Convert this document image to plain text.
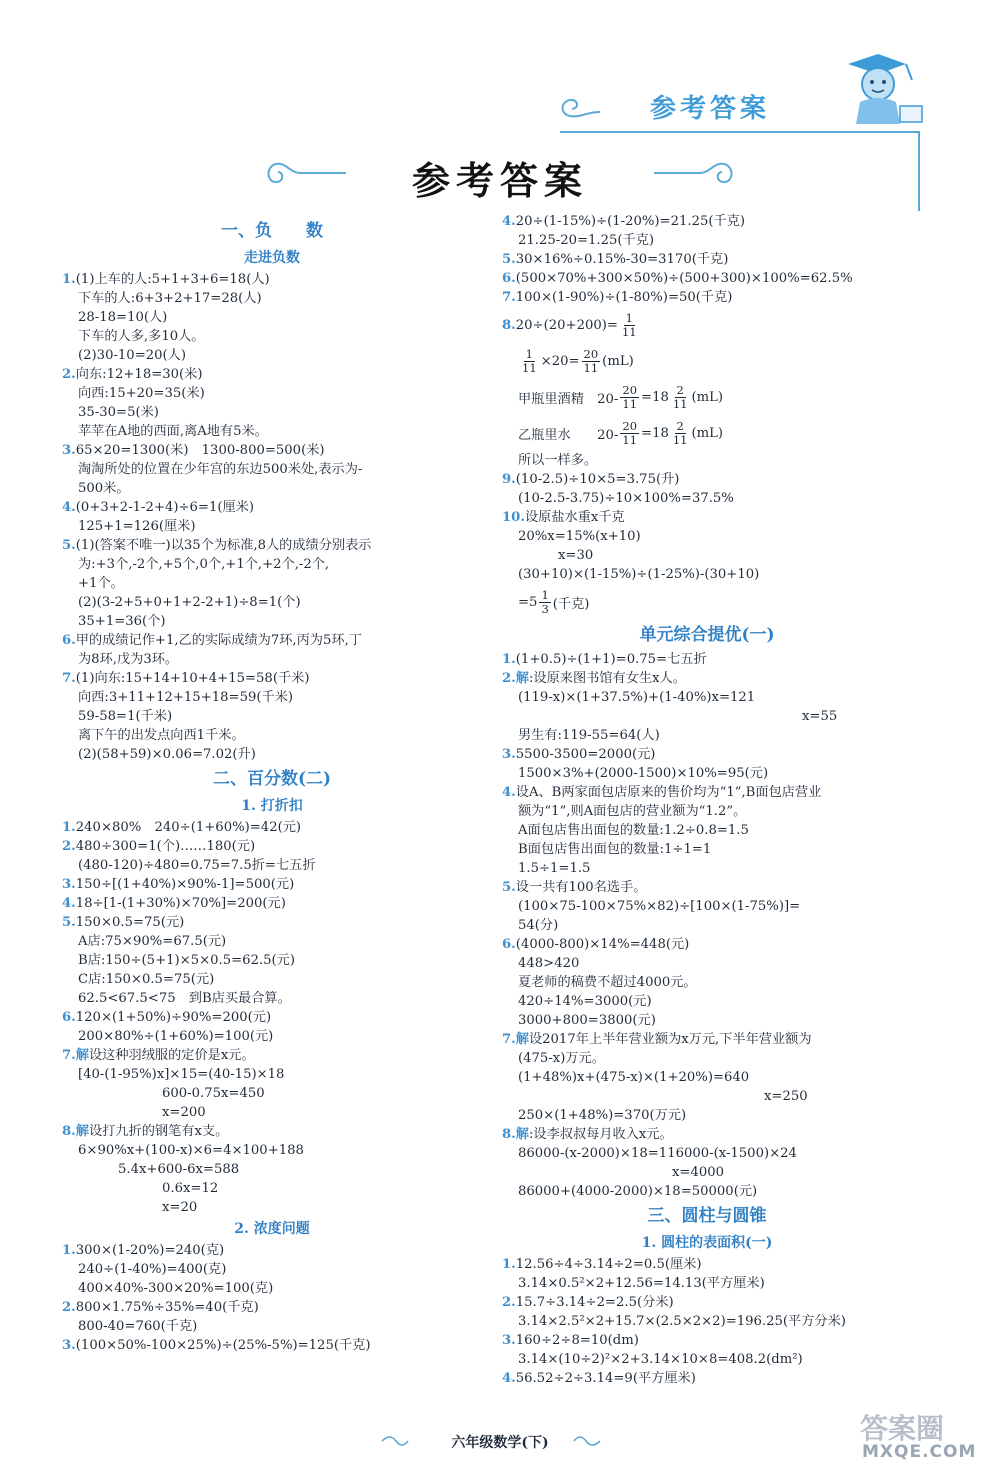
参考答案
参考答案
一、负　　数
走进负数
1.(1)上车的人:5+1+3+6=18(人)
下车的人:6+3+2+17=28(人)
28-18=10(人)
下车的人多,多10人。
(2)30-10=20(人)
2.向东:12+18=30(米)
向西:15+20=35(米)
35-30=5(米)
苹苹在A地的西面,离A地有5米。
3.65×20=1300(米)　1300-800=500(米)
淘淘所处的位置在少年宫的东边500米处,表示为-
500米。
4.(0+3+2-1-2+4)÷6=1(厘米)
125+1=126(厘米)
5.(1)(答案不唯一)以35个为标准,8人的成绩分别表示
为:+3个,-2个,+5个,0个,+1个,+2个,-2个,
+1个。
(2)(3-2+5+0+1+2-2+1)÷8=1(个)
35+1=36(个)
6.甲的成绩记作+1,乙的实际成绩为7环,丙为5环,丁
为8环,戊为3环。
7.(1)向东:15+14+10+4+15=58(千米)
向西:3+11+12+15+18=59(千米)
59-58=1(千米)
离下午的出发点向西1千米。
(2)(58+59)×0.06=7.02(升)
二、百分数(二)
1. 打折扣
1.240×80%　240÷(1+60%)=42(元)
2.480÷300=1(个)……180(元)
(480-120)÷480=0.75=7.5折=七五折
3.150÷[(1+40%)×90%-1]=500(元)
4.18÷[1-(1+30%)×70%]=200(元)
5.150×0.5=75(元)
A店:75×90%=67.5(元)
B店:150÷(5+1)×5×0.5=62.5(元)
C店:150×0.5=75(元)
62.5<67.5<75　到B店买最合算。
6.120×(1+50%)÷90%=200(元)
200×80%÷(1+60%)=100(元)
7.解设这种羽绒服的定价是x元。
[40-(1-95%)x]×15=(40-15)×18
600-0.75x=450
x=200
8.解设打九折的钢笔有x支。
6×90%x+(100-x)×6=4×100+188
5.4x+600-6x=588
0.6x=12
x=20
2. 浓度问题
1.300×(1-20%)=240(克)
240÷(1-40%)=400(克)
400×40%-300×20%=100(克)
2.800×1.75%÷35%=40(千克)
800-40=760(千克)
3.(100×50%-100×25%)÷(25%-5%)=125(千克)
4.20÷(1-15%)÷(1-20%)=21.25(千克)
21.25-20=1.25(千克)
5.30×16%÷0.15%-30=3170(千克)
6.(500×70%+300×50%)÷(500+300)×100%=62.5%
7.100×(1-90%)÷(1-80%)=50(千克)
8. $20\div(20+200)= \frac{1}{11}$
$\frac{1}{11} \times 20= \frac{20}{11} (mL)$
甲瓶里酒精　$20- \frac{20}{11} =18 \frac{2}{11} (mL)$
乙瓶里水　　$20- \frac{20}{11} =18 \frac{2}{11} (mL)$
所以一样多。
9.(10-2.5)÷10×5=3.75(升)
(10-2.5-3.75)÷10×100%=37.5%
10.设原盐水重x千克
20%x=15%(x+10)
x=30
(30+10)×(1-15%)÷(1-25%)-(30+10)
$=5 \frac{1}{3}$ (千克)
单元综合提优(一)
1.(1+0.5)÷(1+1)=0.75=七五折
2.解:设原来图书馆有女生x人。
(119-x)×(1+37.5%)+(1-40%)x=121
x=55
男生有:119-55=64(人)
3.5500-3500=2000(元)
1500×3%+(2000-1500)×10%=95(元)
4.设A、B两家面包店原来的售价均为“1”,B面包店营业
额为“1”,则A面包店的营业额为“1.2”。
A面包店售出面包的数量:1.2÷0.8=1.5
B面包店售出面包的数量:1÷1=1
1.5÷1=1.5
5.设一共有100名选手。
(100×75-100×75%×82)÷[100×(1-75%)]=
54(分)
6.(4000-800)×14%=448(元)
448>420
夏老师的稿费不超过4000元。
420÷14%=3000(元)
3000+800=3800(元)
7.解设2017年上半年营业额为x万元,下半年营业额为
(475-x)万元。
(1+48%)x+(475-x)×(1+20%)=640
x=250
250×(1+48%)=370(万元)
8.解:设李叔叔每月收入x元。
86000-(x-2000)×18=116000-(x-1500)×24
x=4000
86000+(4000-2000)×18=50000(元)
三、圆柱与圆锥
1. 圆柱的表面积(一)
1.12.56÷4÷3.14÷2=0.5(厘米)
3.14×0.5²×2+12.56=14.13(平方厘米)
2.15.7÷3.14÷2=2.5(分米)
3.14×2.5²×2+15.7×(2.5×2×2)=196.25(平方分米)
3.160÷2÷8=10(dm)
3.14×(10÷2)²×2+3.14×10×8=408.2(dm²)
4.56.52÷2÷3.14=9(平方厘米)
六年级数学(下)	答案圈
MXQE.COM
